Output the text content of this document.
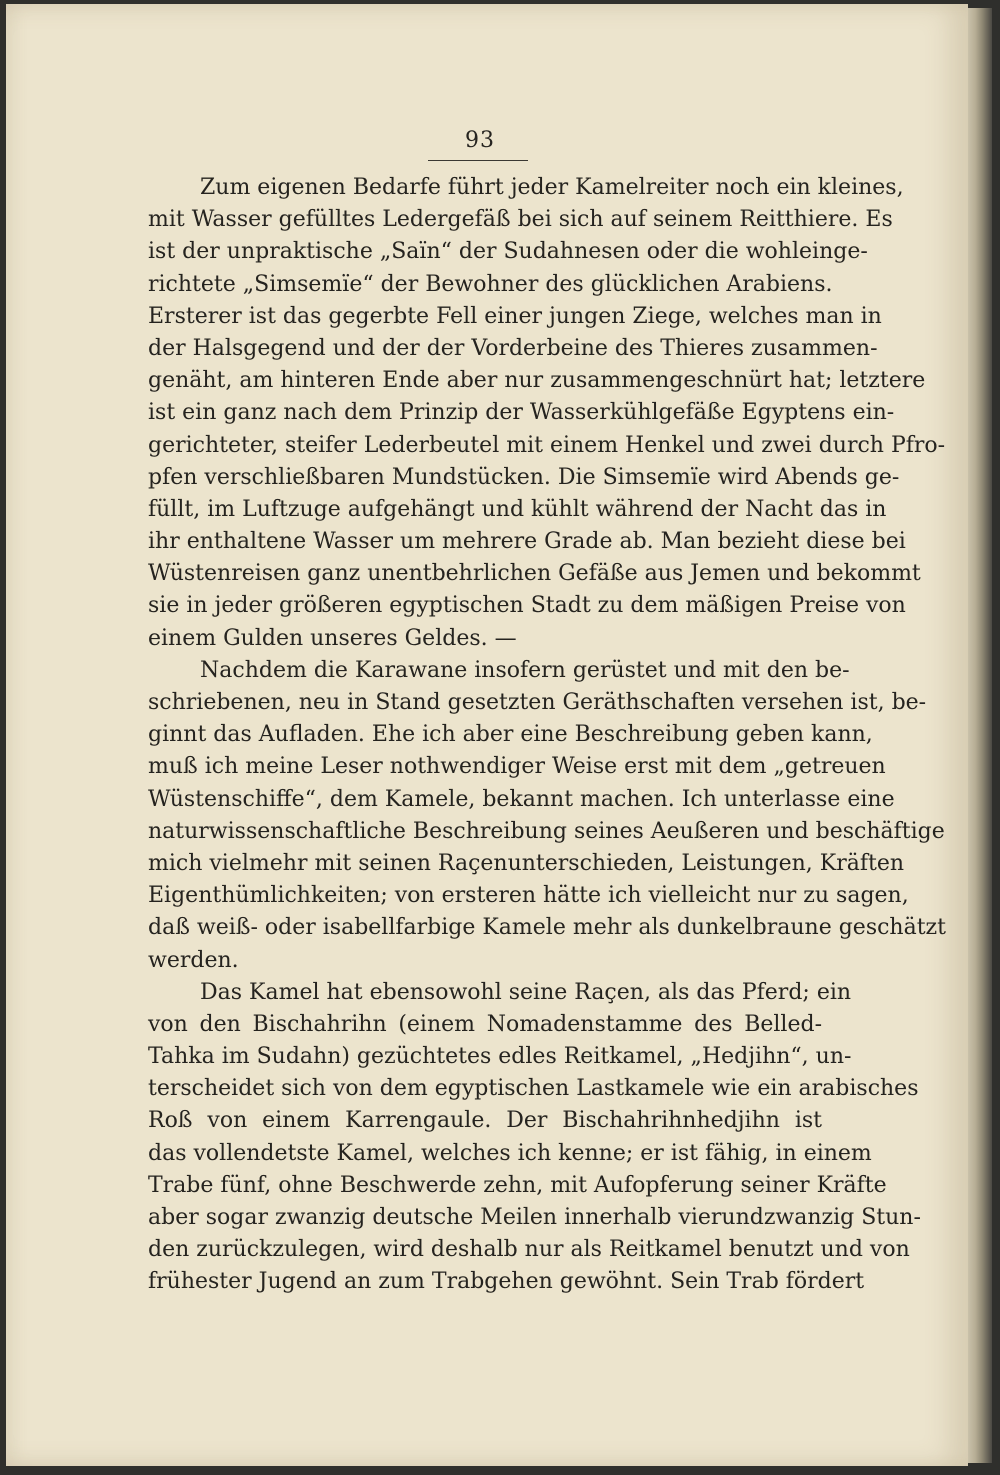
93
Zum eigenen Bedarfe führt jeder Kamelreiter noch ein kleines,
mit Wasser gefülltes Ledergefäß bei sich auf seinem Reitthiere. Es
ist der unpraktische „Saïn“ der Sudahnesen oder die wohleinge-
richtete „Simsemïe“ der Bewohner des glücklichen Arabiens.
Ersterer ist das gegerbte Fell einer jungen Ziege, welches man in
der Halsgegend und der der Vorderbeine des Thieres zusammen-
genäht, am hinteren Ende aber nur zusammengeschnürt hat; letztere
ist ein ganz nach dem Prinzip der Wasserkühlgefäße Egyptens ein-
gerichteter, steifer Lederbeutel mit einem Henkel und zwei durch Pfro-
pfen verschließbaren Mundstücken. Die Simsemïe wird Abends ge-
füllt, im Luftzuge aufgehängt und kühlt während der Nacht das in
ihr enthaltene Wasser um mehrere Grade ab. Man bezieht diese bei
Wüstenreisen ganz unentbehrlichen Gefäße aus Jemen und bekommt
sie in jeder größeren egyptischen Stadt zu dem mäßigen Preise von
einem Gulden unseres Geldes. —
Nachdem die Karawane insofern gerüstet und mit den be-
schriebenen, neu in Stand gesetzten Geräthschaften versehen ist, be-
ginnt das Aufladen. Ehe ich aber eine Beschreibung geben kann,
muß ich meine Leser nothwendiger Weise erst mit dem „getreuen
Wüstenschiffe“, dem Kamele, bekannt machen. Ich unterlasse eine
naturwissenschaftliche Beschreibung seines Aeußeren und beschäftige
mich vielmehr mit seinen Raçenunterschieden, Leistungen, Kräften
Eigenthümlichkeiten; von ersteren hätte ich vielleicht nur zu sagen,
daß weiß- oder isabellfarbige Kamele mehr als dunkelbraune geschätzt
werden.
Das Kamel hat ebensowohl seine Raçen, als das Pferd; ein
von den Bischahrihn (einem Nomadenstamme des Belled-
Tahka im Sudahn) gezüchtetes edles Reitkamel, „Hedjihn“, un-
terscheidet sich von dem egyptischen Lastkamele wie ein arabisches
Roß von einem Karrengaule. Der Bischahrihnhedjihn ist
das vollendetste Kamel, welches ich kenne; er ist fähig, in einem
Trabe fünf, ohne Beschwerde zehn, mit Aufopferung seiner Kräfte
aber sogar zwanzig deutsche Meilen innerhalb vierundzwanzig Stun-
den zurückzulegen, wird deshalb nur als Reitkamel benutzt und von
frühester Jugend an zum Trabgehen gewöhnt. Sein Trab fördert
